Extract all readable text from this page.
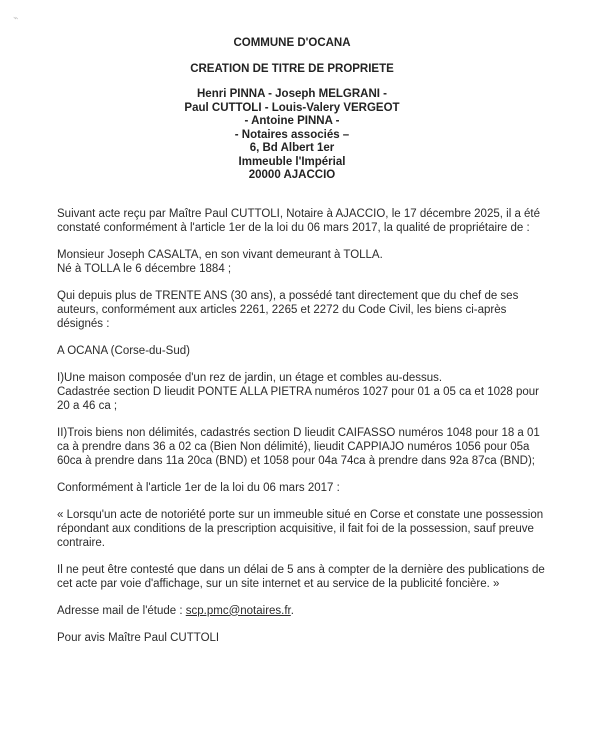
⌁
COMMUNE D'OCANA
CREATION DE TITRE DE PROPRIETE
Henri PINNA - Joseph MELGRANI -
Paul CUTTOLI - Louis-Valery VERGEOT
- Antoine PINNA -
- Notaires associés –
6, Bd Albert 1er
Immeuble l'Impérial
20000 AJACCIO

Suivant acte reçu par Maître Paul CUTTOLI, Notaire à AJACCIO, le 17 décembre 2025, il a été constaté conformément à l'article 1er de la loi du 06 mars 2017, la qualité de propriétaire de :

Monsieur Joseph CASALTA, en son vivant demeurant à TOLLA.
Né à TOLLA le 6 décembre 1884 ;

Qui depuis plus de TRENTE ANS (30 ans), a possédé tant directement que du chef de ses auteurs, conformément aux articles 2261, 2265 et 2272 du Code Civil, les biens ci-après désignés :

A OCANA (Corse-du-Sud)

I)Une maison composée d'un rez de jardin, un étage et combles au-dessus.
Cadastrée section D lieudit PONTE ALLA PIETRA numéros 1027 pour 01 a 05 ca et 1028 pour 20 a 46 ca ;

II)Trois biens non délimités, cadastrés section D lieudit CAIFASSO numéros 1048 pour 18 a 01 ca à prendre dans 36 a 02 ca (Bien Non délimité), lieudit CAPPIAJO numéros 1056 pour 05a 60ca à prendre dans 11a 20ca (BND) et 1058 pour 04a 74ca à prendre dans 92a 87ca (BND);

Conformément à l'article 1er de la loi du 06 mars 2017 :

« Lorsqu'un acte de notoriété porte sur un immeuble situé en Corse et constate une possession répondant aux conditions de la prescription acquisitive, il fait foi de la possession, sauf preuve contraire.

Il ne peut être contesté que dans un délai de 5 ans à compter de la dernière des publications de cet acte par voie d'affichage, sur un site internet et au service de la publicité foncière. »

Adresse mail de l'étude : scp.pmc@notaires.fr.

Pour avis Maître Paul CUTTOLI
